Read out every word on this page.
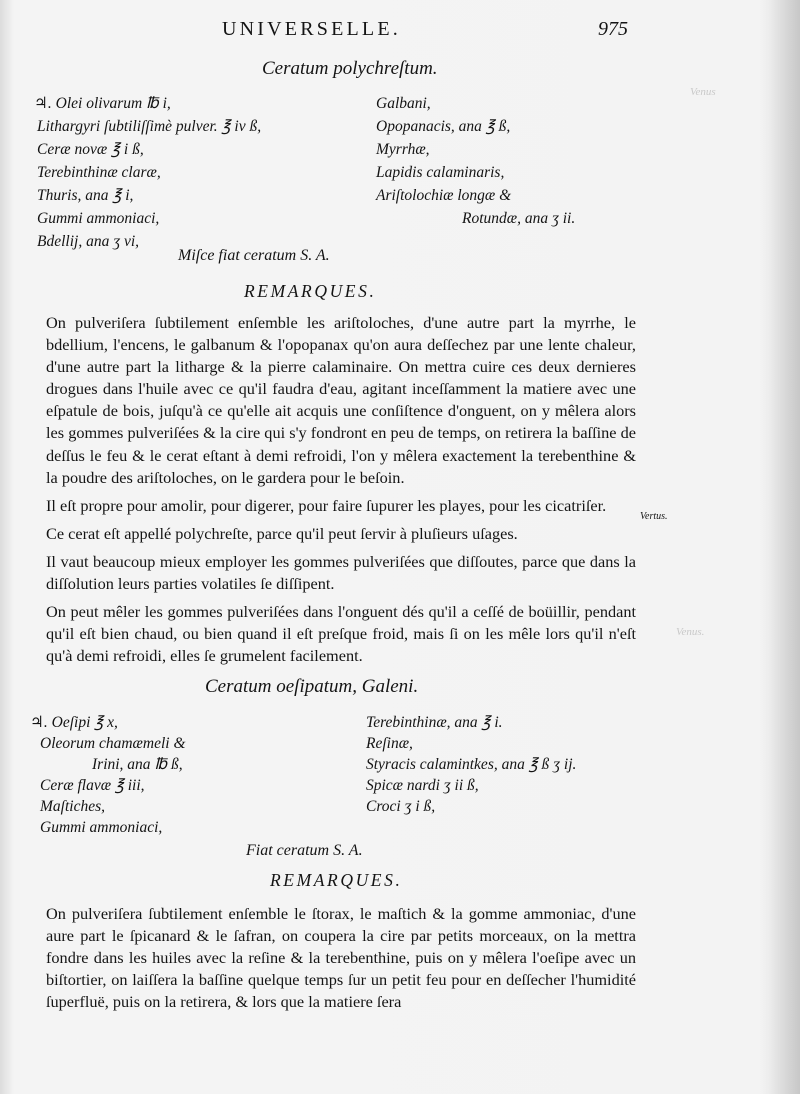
Venus
Venus.
UNIVERSELLE.	975
Ceratum polychreſtum.
♃. Olei olivarum ℔ i,
Lithargyri ſubtiliſſimè pulver. ℥ iv ß,
Ceræ novæ ℥ i ß,
Terebinthinæ claræ,
Thuris, ana ℥ i,
Gummi ammoniaci,
Bdellij, ana ʒ vi,
Galbani,
Opopanacis, ana ℥ ß,
Myrrhæ,
Lapidis calaminaris,
Ariſtolochiæ longæ &
Rotundæ, ana ʒ ii.
Miſce fiat ceratum S. A.
REMARQUES.

On pulveriſera ſubtilement enſemble les ariſtoloches, d'une autre part la myrrhe, le bdellium, l'encens, le galbanum & l'opopanax qu'on aura deſſechez par une lente chaleur, d'une autre part la litharge & la pierre calaminaire. On mettra cuire ces deux dernieres drogues dans l'huile avec ce qu'il faudra d'eau, agitant inceſſamment la matiere avec une eſpatule de bois, juſqu'à ce qu'elle ait acquis une conſiſtence d'onguent, on y mêlera alors les gommes pulveriſées & la cire qui s'y fondront en peu de temps, on retirera la baſſine de deſſus le feu & le cerat eſtant à demi refroidi, l'on y mêlera exactement la terebenthine & la poudre des ariſtoloches, on le gardera pour le beſoin.

Il eſt propre pour amolir, pour digerer, pour faire ſupurer les playes, pour les cicatriſer.

Ce cerat eſt appellé polychreſte, parce qu'il peut ſervir à pluſieurs uſages.

Il vaut beaucoup mieux employer les gommes pulveriſées que diſſoutes, parce que dans la diſſolution leurs parties volatiles ſe diſſipent.

On peut mêler les gommes pulveriſées dans l'onguent dés qu'il a ceſſé de boüillir, pendant qu'il eſt bien chaud, ou bien quand il eſt preſque froid, mais ſi on les mêle lors qu'il n'eſt qu'à demi refroidi, elles ſe grumelent facilement.

Vertus.
Ceratum oeſipatum, Galeni.
♃. Oeſipi ℥ x,
Oleorum chamæmeli &
Irini, ana ℔ ß,
Ceræ flavæ ℥ iii,
Maſtiches,
Gummi ammoniaci,
Terebinthinæ, ana ℥ i.
Reſinæ,
Styracis calamintkes, ana ℥ ß ʒ ij.
Spicæ nardi ʒ ii ß,
Croci ʒ i ß,
Fiat ceratum S. A.
REMARQUES.

On pulveriſera ſubtilement enſemble le ſtorax, le maſtich & la gomme ammoniac, d'une aure part le ſpicanard & le ſafran, on coupera la cire par petits morceaux, on la mettra fondre dans les huiles avec la reſine & la terebenthine, puis on y mêlera l'oeſipe avec un biſtortier, on laiſſera la baſſine quelque temps ſur un petit feu pour en deſſecher l'humidité ſuperfluë, puis on la retirera, & lors que la matiere ſera
